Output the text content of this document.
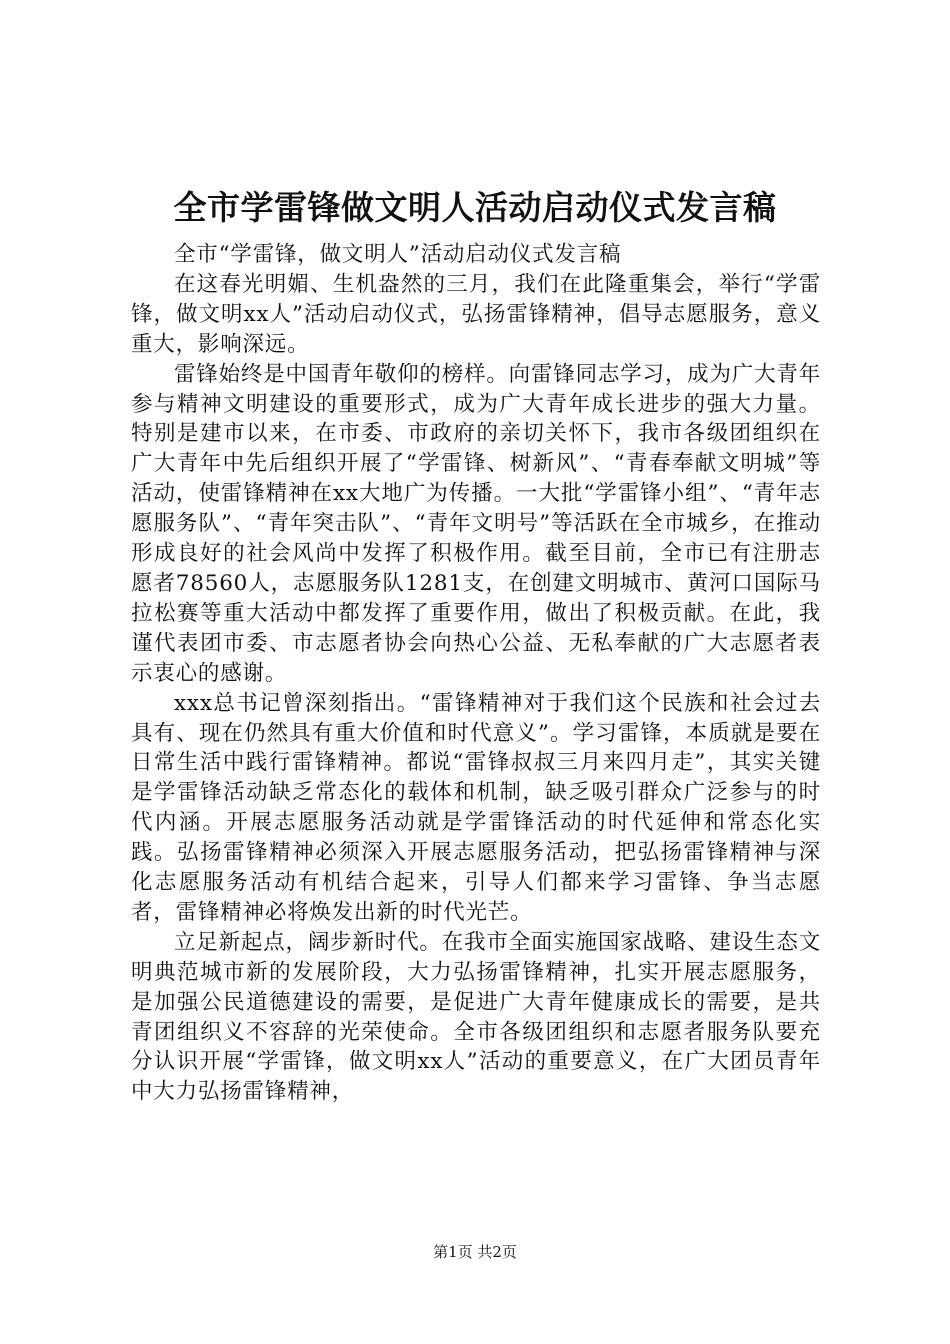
全市学雷锋做文明人活动启动仪式发言稿

全市“学雷锋，做文明人”活动启动仪式发言稿

在这春光明媚、生机盎然的三月，我们在此隆重集会，举行“学雷锋，做文明xx人”活动启动仪式，弘扬雷锋精神，倡导志愿服务，意义重大，影响深远。

雷锋始终是中国青年敬仰的榜样。向雷锋同志学习，成为广大青年参与精神文明建设的重要形式，成为广大青年成长进步的强大力量。特别是建市以来，在市委、市政府的亲切关怀下，我市各级团组织在广大青年中先后组织开展了“学雷锋、树新风”、“青春奉献文明城”等活动，使雷锋精神在xx大地广为传播。一大批“学雷锋小组”、“青年志愿服务队”、“青年突击队”、“青年文明号”等活跃在全市城乡，在推动形成良好的社会风尚中发挥了积极作用。截至目前，全市已有注册志愿者78560人，志愿服务队1281支，在创建文明城市、黄河口国际马拉松赛等重大活动中都发挥了重要作用，做出了积极贡献。在此，我谨代表团市委、市志愿者协会向热心公益、无私奉献的广大志愿者表示衷心的感谢。

xxx总书记曾深刻指出。“雷锋精神对于我们这个民族和社会过去具有、现在仍然具有重大价值和时代意义”。学习雷锋，本质就是要在日常生活中践行雷锋精神。都说“雷锋叔叔三月来四月走”，其实关键是学雷锋活动缺乏常态化的载体和机制，缺乏吸引群众广泛参与的时代内涵。开展志愿服务活动就是学雷锋活动的时代延伸和常态化实践。弘扬雷锋精神必须深入开展志愿服务活动，把弘扬雷锋精神与深化志愿服务活动有机结合起来，引导人们都来学习雷锋、争当志愿者，雷锋精神必将焕发出新的时代光芒。

立足新起点，阔步新时代。在我市全面实施国家战略、建设生态文明典范城市新的发展阶段，大力弘扬雷锋精神，扎实开展志愿服务，是加强公民道德建设的需要，是促进广大青年健康成长的需要，是共青团组织义不容辞的光荣使命。全市各级团组织和志愿者服务队要充分认识开展“学雷锋，做文明xx人”活动的重要意义，在广大团员青年中大力弘扬雷锋精神，

第1页 共2页
